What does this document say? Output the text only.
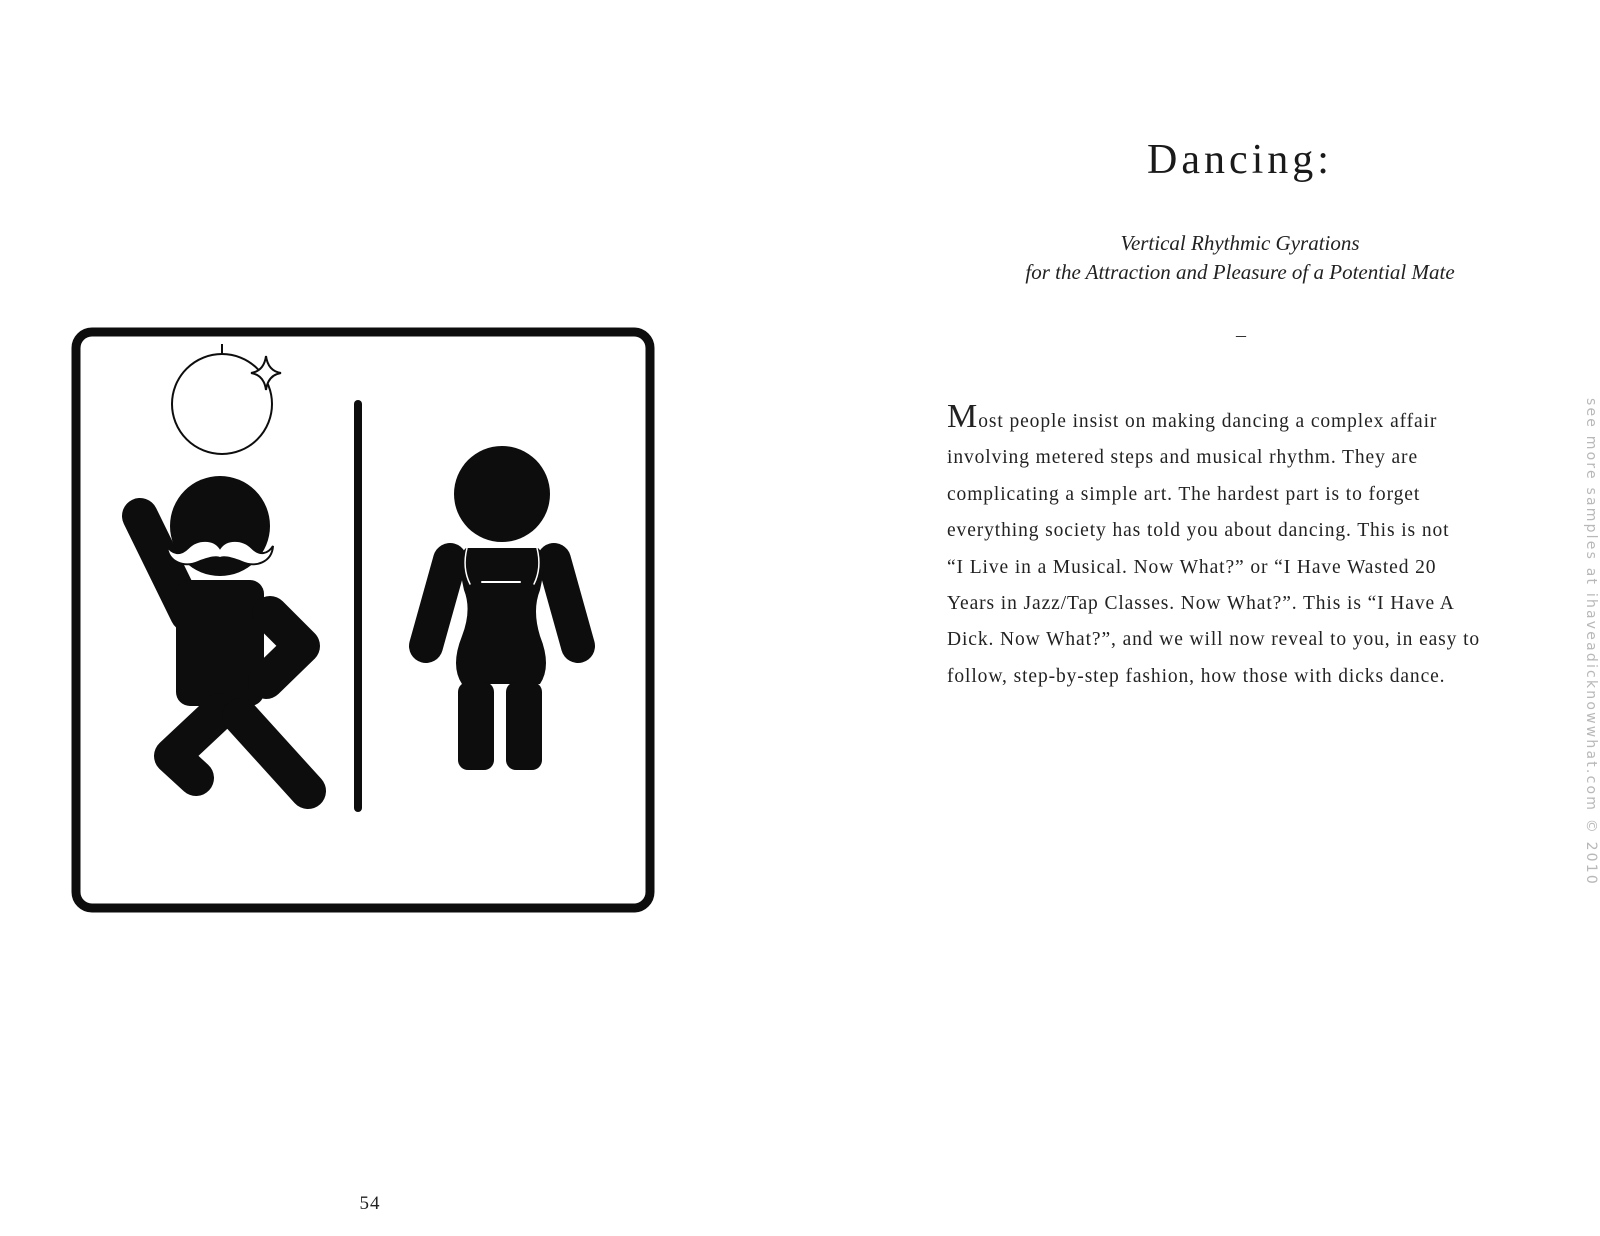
54
Dancing:
Vertical Rhythmic Gyrations
for the Attraction and Pleasure of a Potential Mate
–

Most people insist on making dancing a complex affair
involving metered steps and musical rhythm. They are
complicating a simple art. The hardest part is to forget
everything society has told you about dancing. This is not
“I Live in a Musical. Now What?” or “I Have Wasted 20
Years in Jazz/Tap Classes. Now What?”. This is “I Have A
Dick. Now What?”, and we will now reveal to you, in easy to
follow, step-by-step fashion, how those with dicks dance.	see more samples at ihaveadicknowwhat.com © 2010
